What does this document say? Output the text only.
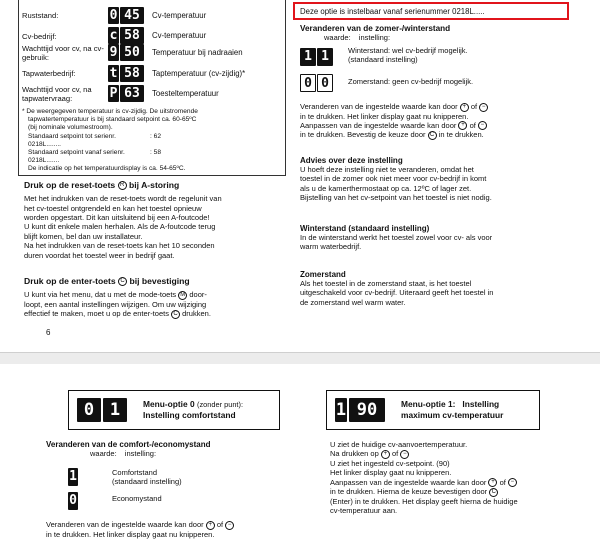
Ruststand:	0 45	Cv-temperatuur
Cv-bedrijf:	c 58	Cv-temperatuur
Wachttijd voor cv, na cv-gebruik:	9 50	Temperatuur bij nadraaien
Tapwaterbedrijf:	t 58	Taptemperatuur (cv-zijdig)*
Wachttijd voor cv, na tapwatervraag:	P 63	Toesteltemperatuur
* De weergegeven temperatuur is cv-zijdig. De uitstromende
tapwatertemperatuur is bij standaard setpoint ca. 60-65ºC
(bij nominale volumestroom).
Standaard setpoint tot serienr. 0218L........
: 62
Standaard setpoint vanaf serienr. 0218L.......
: 58
De indicatie op het temperatuurdisplay is ca. 54-65ºC.
Druk op de reset-toets R bij A-storing
Met het indrukken van de reset-toets wordt de regelunit van
het cv-toestel ontgrendeld en kan het toestel opnieuw
worden opgestart. Dit kan uitsluitend bij een A-foutcode!
U kunt dit enkele malen herhalen. Als de A-foutcode terug
blijft komen, bel dan uw installateur.
Na het indrukken van de reset-toets kan het 10 seconden
duren voordat het toestel weer in bedrijf gaat.
Druk op de enter-toets C bij bevestiging
U kunt via het menu, dat u met de mode-toets M door-
loopt, een aantal instellingen wijzigen. Om uw wijziging
effectief te maken, moet u op de enter-toets C drukken.
6
Deze optie is instelbaar vanaf serienummer 0218L.....
Veranderen van de zomer-/winterstand
waarde: instelling:
1 1	Winterstand: wel cv-bedrijf mogelijk.
(standaard instelling)
0 0	Zomerstand: geen cv-bedrijf mogelijk.
Veranderen van de ingestelde waarde kan door + of −
in te drukken. Het linker display gaat nu knipperen.
Aanpassen van de ingestelde waarde kan door + of −
in te drukken. Bevestig de keuze door C in te drukken.
Advies over deze instelling
U hoeft deze instelling niet te veranderen, omdat het
toestel in de zomer ook niet meer voor cv-bedrijf in komt
als u de kamerthermostaat op ca. 12ºC of lager zet.
Bijstelling van het cv-setpoint van het toestel is niet nodig.
Winterstand (standaard instelling)
In de winterstand werkt het toestel zowel voor cv- als voor
warm waterbedrijf.
Zomerstand
Als het toestel in de zomerstand staat, is het toestel
uitgeschakeld voor cv-bedrijf. Uiteraard geeft het toestel in
de zomerstand wel warm water.
0 1	Menu-optie 0 (zonder punt):
Instelling comfortstand
Veranderen van de comfort-/economystand
waarde: instelling:
1	Comfortstand
(standaard instelling)
0	Economystand
Veranderen van de ingestelde waarde kan door + of −
in te drukken. Het linker display gaat nu knipperen.
1 90	Menu-optie 1:   Instelling
maximum cv-temperatuur
U ziet de huidige cv-aanvoertemperatuur.
Na drukken op + of −
U ziet het ingesteld cv-setpoint. (90)
Het linker display gaat nu knipperen.
Aanpassen van de ingestelde waarde kan door + of −
in te drukken. Hierna de keuze bevestigen door C
(Enter) in te drukken. Het display geeft hierna de huidige
cv-temperatuur aan.
